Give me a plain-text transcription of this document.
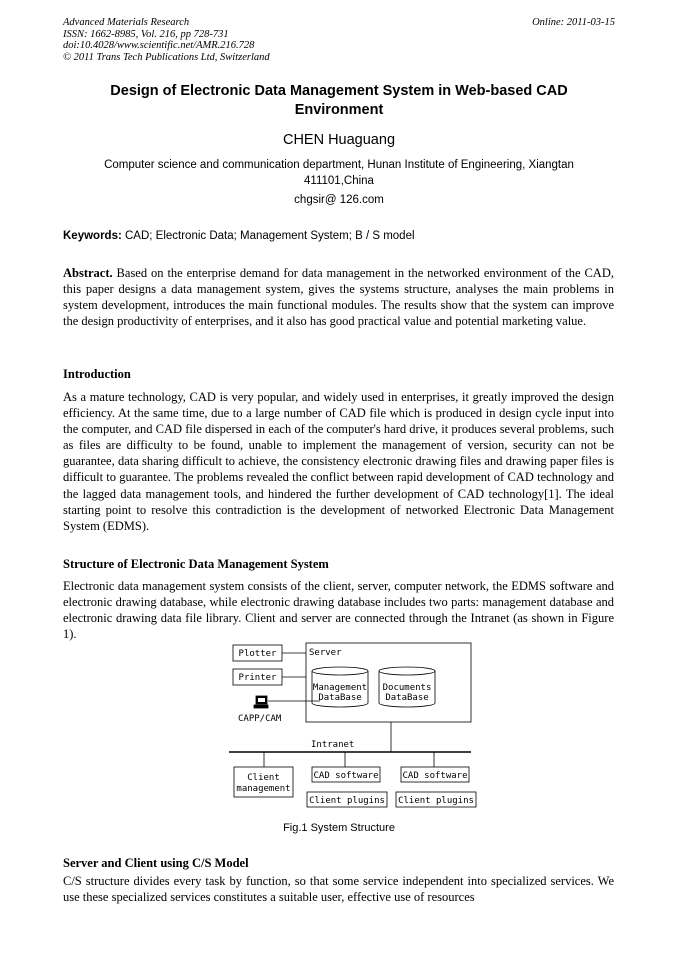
Advanced Materials Research
ISSN: 1662-8985, Vol. 216, pp 728-731
doi:10.4028/www.scientific.net/AMR.216.728
© 2011 Trans Tech Publications Ltd, Switzerland
Online: 2011-03-15
Design of Electronic Data Management System in Web-based CAD Environment
CHEN Huaguang
Computer science and communication department, Hunan Institute of Engineering, Xiangtan 411101,China
chgsir@ 126.com
Keywords: CAD; Electronic Data; Management System; B / S model
Abstract. Based on the enterprise demand for data management in the networked environment of the CAD, this paper designs a data management system, gives the systems structure, analyses the main problems in system development, introduces the main functional modules. The results show that the system can improve the design productivity of enterprises, and it also has good practical value and potential marketing value.
Introduction
As a mature technology, CAD is very popular, and widely used in enterprises, it greatly improved the design efficiency. At the same time, due to a large number of CAD file which is produced in design cycle input into the computer, and CAD file dispersed in each of the computer's hard drive, it produces several problems, such as files are difficulty to be found, unable to implement the management of version, security can not be guarantee, data sharing difficult to achieve, the consistency electronic drawing files and drawing paper files is difficult to guarantee. The problems revealed the conflict between rapid development of CAD technology and the lagged data management tools, and hindered the further development of CAD technology[1]. The ideal starting point to resolve this contradiction is the development of networked Electronic Data Management System (EDMS).
Structure of Electronic Data Management System
Electronic data management system consists of the client, server, computer network, the EDMS software and electronic drawing database, while electronic drawing database includes two parts: management database and electronic drawing data file library. Client and server are connected through the Intranet (as shown in Figure 1).
Plotter
Printer
CAPP/CAM
Server
Management
DataBase
Documents
DataBase
Intranet
Client
management
CAD software	CAD software
Client plugins Client plugins
Fig.1 System Structure
Server and Client using C/S Model
C/S structure divides every task by function, so that some service independent into specialized services. We use these specialized services constitutes a suitable user, effective use of resources
